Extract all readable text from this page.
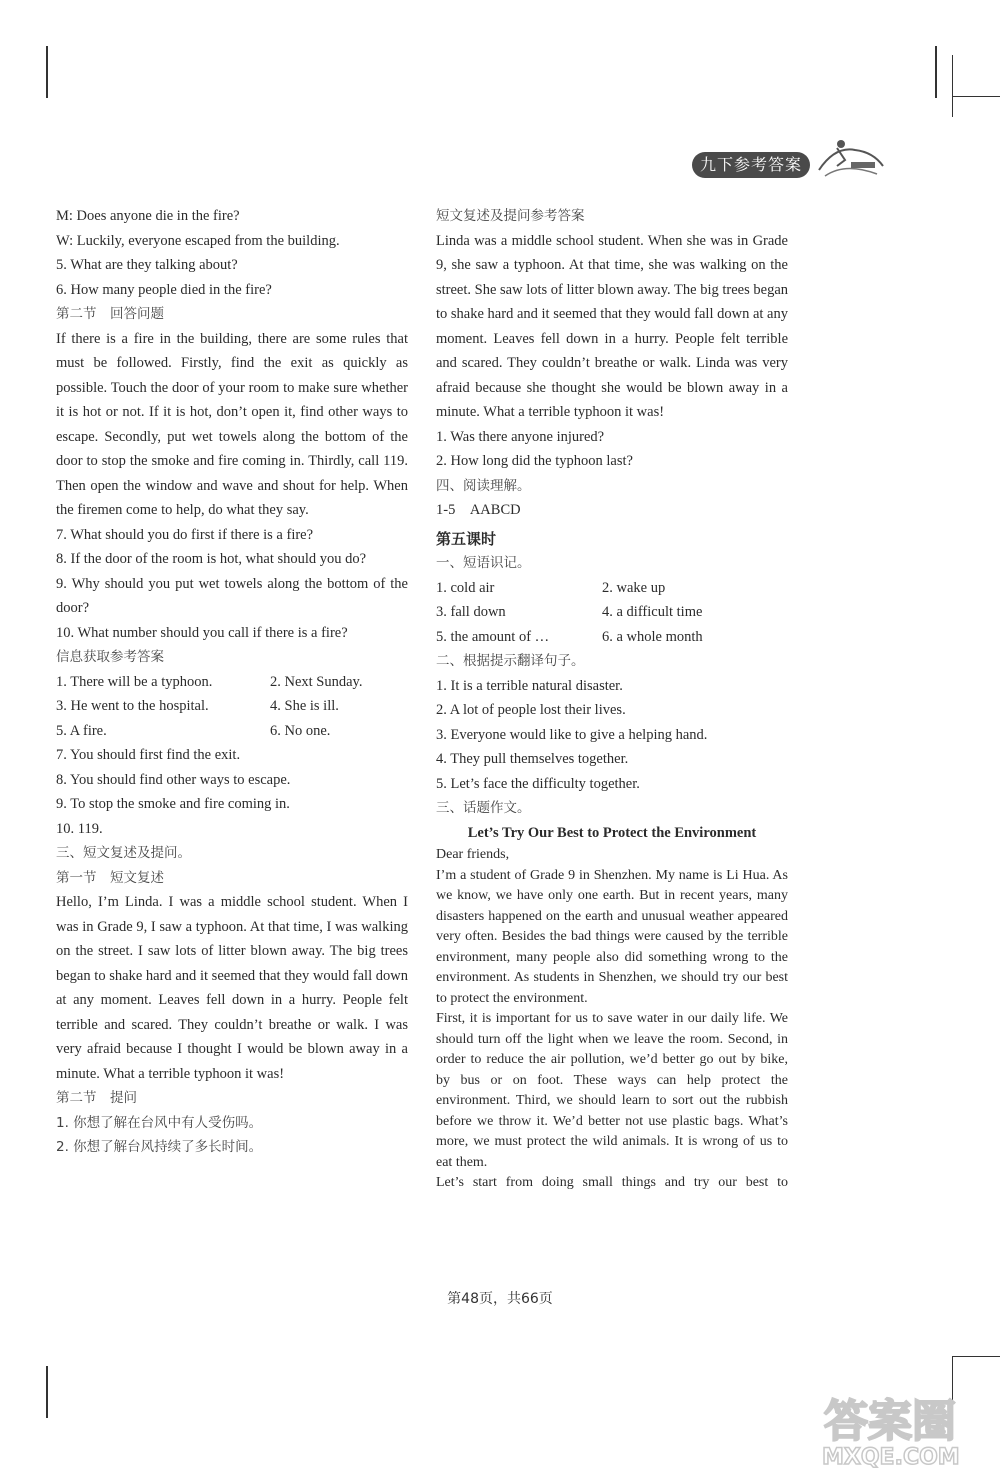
九下参考答案

M: Does anyone die in the fire?

W: Luckily, everyone escaped from the building.

5. What are they talking about?

6. How many people died in the fire?

第二节　回答问题

If there is a fire in the building, there are some rules that must be followed. Firstly, find the exit as quickly as possible. Touch the door of your room to make sure whether it is hot or not. If it is hot, don’t open it, find other ways to escape. Secondly, put wet towels along the bottom of the door to stop the smoke and fire coming in. Thirdly, call 119. Then open the window and wave and shout for help. When the firemen come to help, do what they say.

7. What should you do first if there is a fire?

8. If the door of the room is hot, what should you do?

9. Why should you put wet towels along the bottom of the door?

10. What number should you call if there is a fire?

信息获取参考答案

1. There will be a typhoon.	2. Next Sunday.
3. He went to the hospital.	4. She is ill.
5. A fire.	6. No one.

7. You should first find the exit.

8. You should find other ways to escape.

9. To stop the smoke and fire coming in.

10. 119.

三、短文复述及提问。

第一节　短文复述

Hello, I’m Linda. I was a middle school student. When I was in Grade 9, I saw a typhoon. At that time, I was walking on the street. I saw lots of litter blown away. The big trees began to shake hard and it seemed that they would fall down at any moment. Leaves fell down in a hurry. People felt terrible and scared. They couldn’t breathe or walk. I was very afraid because I thought I would be blown away in a minute. What a terrible typhoon it was!

第二节　提问

1. 你想了解在台风中有人受伤吗。

2. 你想了解台风持续了多长时间。

短文复述及提问参考答案

Linda was a middle school student. When she was in Grade 9, she saw a typhoon. At that time, she was walking on the street. She saw lots of litter blown away. The big trees began to shake hard and it seemed that they would fall down at any moment. Leaves fell down in a hurry. People felt terrible and scared. They couldn’t breathe or walk. Linda was very afraid because she thought she would be blown away in a minute. What a terrible typhoon it was!

1. Was there anyone injured?

2. How long did the typhoon last?

四、阅读理解。

1-5　AABCD

第五课时

一、短语识记。

1. cold air	2. wake up
3. fall down	4. a difficult time
5. the amount of …	6. a whole month

二、根据提示翻译句子。

1. It is a terrible natural disaster.

2. A lot of people lost their lives.

3. Everyone would like to give a helping hand.

4. They pull themselves together.

5. Let’s face the difficulty together.

三、话题作文。

Let’s Try Our Best to Protect the Environment

Dear friends,

I’m a student of Grade 9 in Shenzhen. My name is Li Hua. As we know, we have only one earth. But in recent years, many disasters happened on the earth and unusual weather appeared very often. Besides the bad things were caused by the terrible environment, many people also did something wrong to the environment. As students in Shenzhen, we should try our best to protect the environment.

First, it is important for us to save water in our daily life. We should turn off the light when we leave the room. Second, in order to reduce the air pollution, we’d better go out by bike, by bus or on foot. These ways can help protect the environment. Third, we should learn to sort out the rubbish before we throw it. We’d better not use plastic bags. What’s more, we must protect the wild animals. It is wrong of us to eat them.

Let’s start from doing small things and try our best to

第48页，共66页
答案圈
MXQE.COM
